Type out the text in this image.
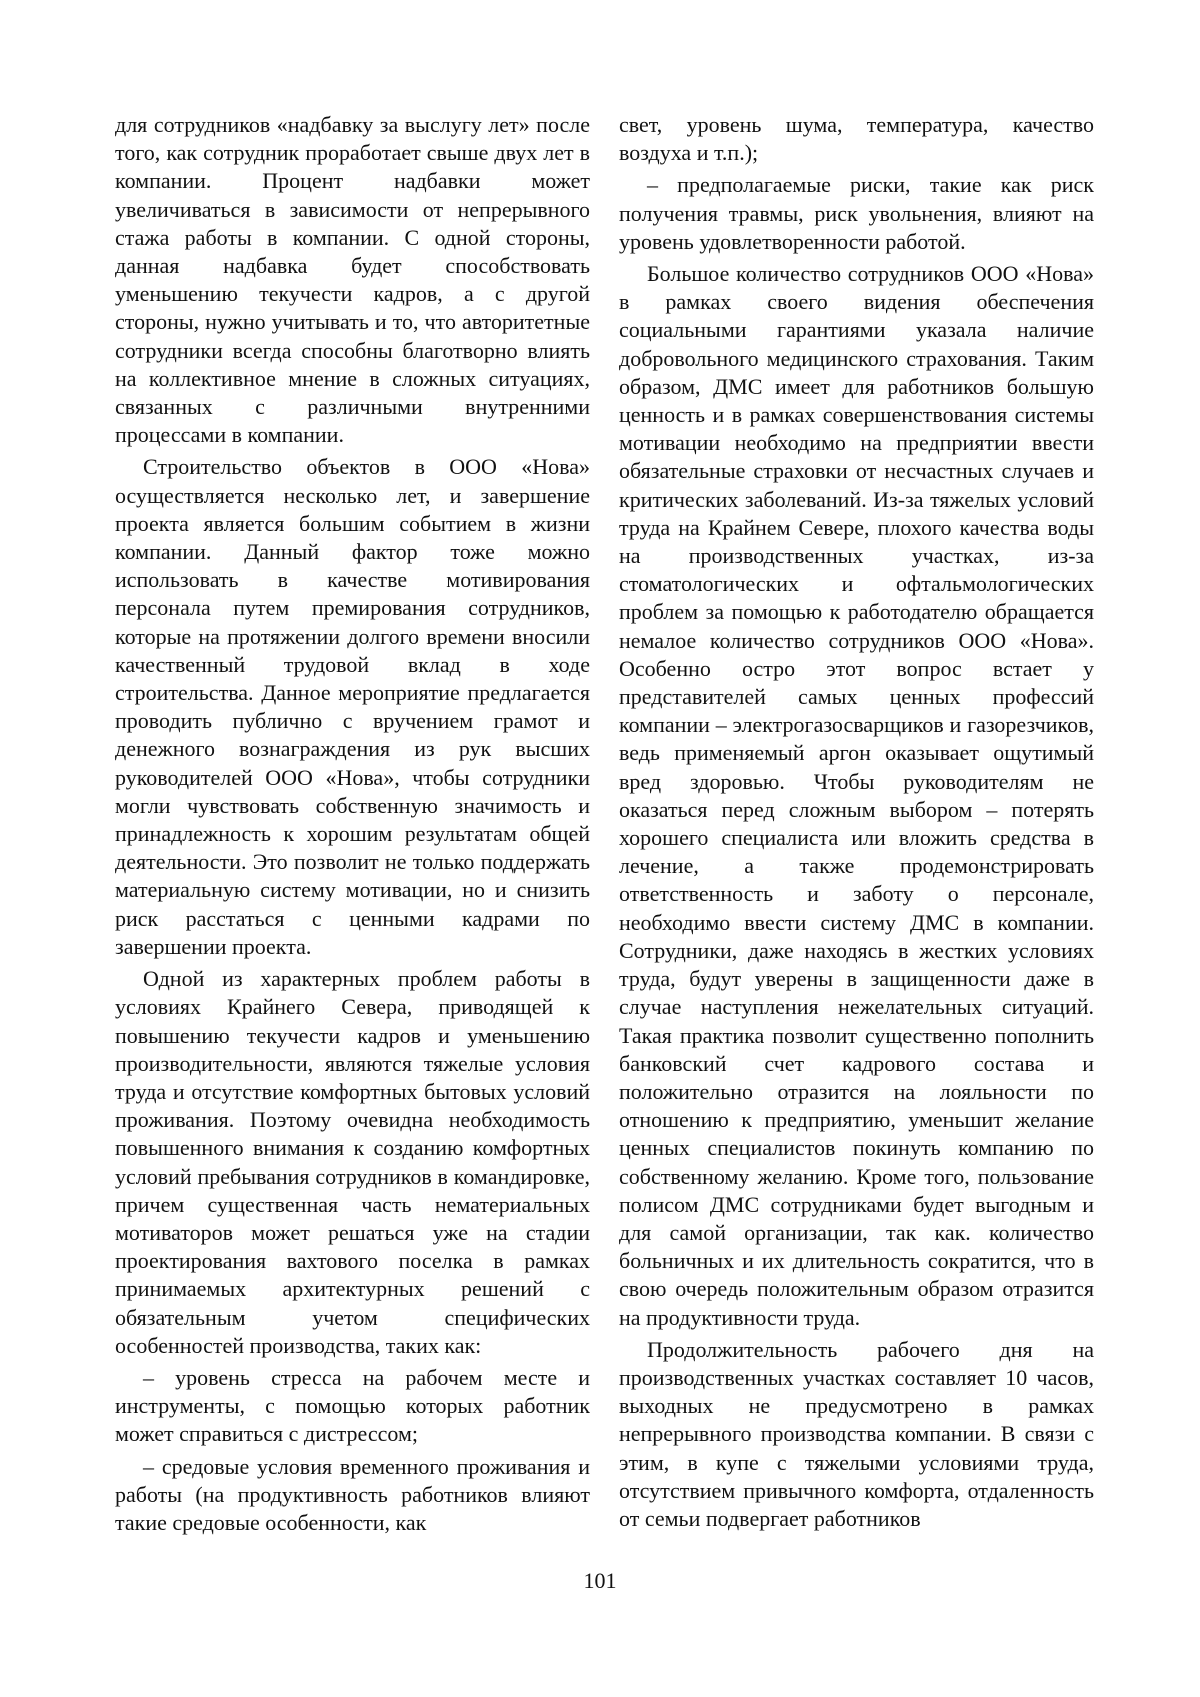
для сотрудников «надбавку за выслугу лет» после того, как сотрудник проработает свыше двух лет в компании. Процент надбавки может увеличиваться в зависимости от непрерывного стажа работы в компании. С одной стороны, данная надбавка будет способствовать уменьшению текучести кадров, а с другой стороны, нужно учитывать и то, что авторитетные сотрудники всегда способны благотворно влиять на коллективное мнение в сложных ситуациях, связанных с различными внутренними процессами в компании.

Строительство объектов в ООО «Нова» осуществляется несколько лет, и завершение проекта является большим событием в жизни компании. Данный фактор тоже можно использовать в качестве мотивирования персонала путем премирования сотрудников, которые на протяжении долгого времени вносили качественный трудовой вклад в ходе строительства. Данное мероприятие предлагается проводить публично с вручением грамот и денежного вознаграждения из рук высших руководителей ООО «Нова», чтобы сотрудники могли чувствовать собственную значимость и принадлежность к хорошим результатам общей деятельности. Это позволит не только поддержать материальную систему мотивации, но и снизить риск расстаться с ценными кадрами по завершении проекта.

Одной из характерных проблем работы в условиях Крайнего Севера, приводящей к повышению текучести кадров и уменьшению производительности, являются тяжелые условия труда и отсутствие комфортных бытовых условий проживания. Поэтому очевидна необходимость повышенного внимания к созданию комфортных условий пребывания сотрудников в командировке, причем существенная часть нематериальных мотиваторов может решаться уже на стадии проектирования вахтового поселка в рамках принимаемых архитектурных решений с обязательным учетом специфических особенностей производства, таких как:

– уровень стресса на рабочем месте и инструменты, с помощью которых работник может справиться с дистрессом;

– средовые условия временного проживания и работы (на продуктивность работников влияют такие средовые особенности, как

свет, уровень шума, температура, качество воздуха и т.п.);

– предполагаемые риски, такие как риск получения травмы, риск увольнения, влияют на уровень удовлетворенности работой.

Большое количество сотрудников ООО «Нова» в рамках своего видения обеспечения социальными гарантиями указала наличие добровольного медицинского страхования. Таким образом, ДМС имеет для работников большую ценность и в рамках совершенствования системы мотивации необходимо на предприятии ввести обязательные страховки от несчастных случаев и критических заболеваний. Из-за тяжелых условий труда на Крайнем Севере, плохого качества воды на производственных участках, из-за стоматологических и офтальмологических проблем за помощью к работодателю обращается немалое количество сотрудников ООО «Нова». Особенно остро этот вопрос встает у представителей самых ценных профессий компании – электрогазосварщиков и газорезчиков, ведь применяемый аргон оказывает ощутимый вред здоровью. Чтобы руководителям не оказаться перед сложным выбором – потерять хорошего специалиста или вложить средства в лечение, а также продемонстрировать ответственность и заботу о персонале, необходимо ввести систему ДМС в компании. Сотрудники, даже находясь в жестких условиях труда, будут уверены в защищенности даже в случае наступления нежелательных ситуаций. Такая практика позволит существенно пополнить банковский счет кадрового состава и положительно отразится на лояльности по отношению к предприятию, уменьшит желание ценных специалистов покинуть компанию по собственному желанию. Кроме того, пользование полисом ДМС сотрудниками будет выгодным и для самой организации, так как. количество больничных и их длительность сократится, что в свою очередь положительным образом отразится на продуктивности труда.

Продолжительность рабочего дня на производственных участках составляет 10 часов, выходных не предусмотрено в рамках непрерывного производства компании. В связи с этим, в купе с тяжелыми условиями труда, отсутствием привычного комфорта, отдаленность от семьи подвергает работников

101
